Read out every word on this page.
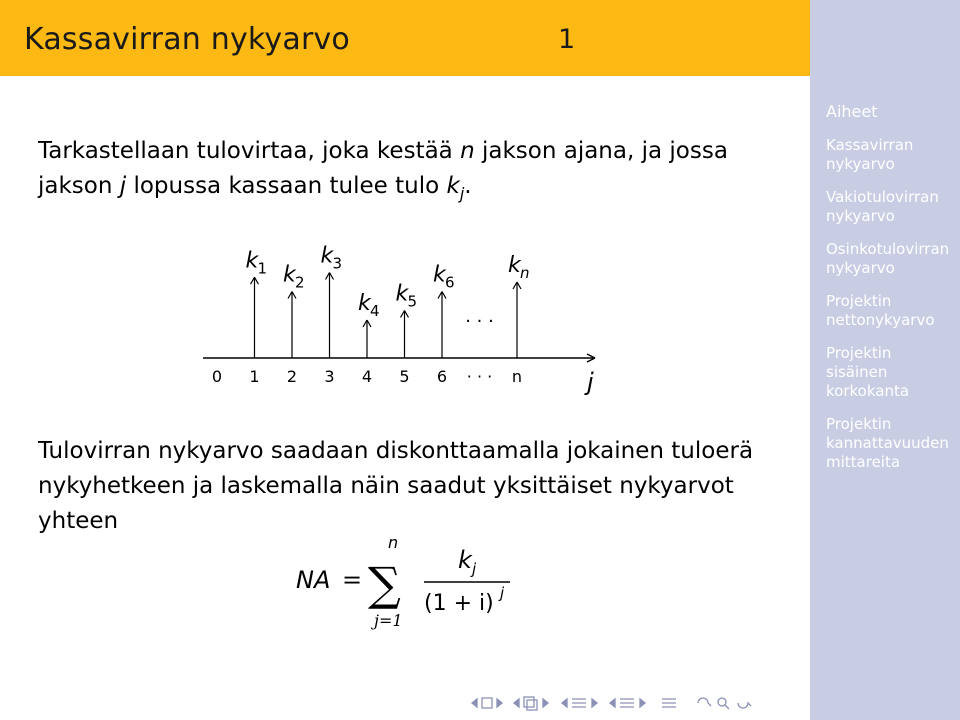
Kassavirran nykyarvo	1
Aiheet
Kassavirran
nykyarvo
Vakiotulovirran
nykyarvo
Osinkotulovirran
nykyarvo
Projektin
nettonykyarvo
Projektin
sisäinen
korkokanta
Projektin
kannattavuuden
mittareita
Tarkastellaan tulovirtaa, joka kestää n jakson ajana, ja jossa
jakson j lopussa kassaan tulee tulo $k_j$.
j
0 1 2 3 4 5 6 · · · n
k 1 k 2
k 3
k 4
k 5
k 6
k n
. . .
Tulovirran nykyarvo saadaan diskonttaamalla jokainen tuloerä
nykyhetkeen ja laskemalla näin saadut yksittäiset nykyarvot
yhteen
NA =
n
∑
j=1
k j
(1 + i) j
